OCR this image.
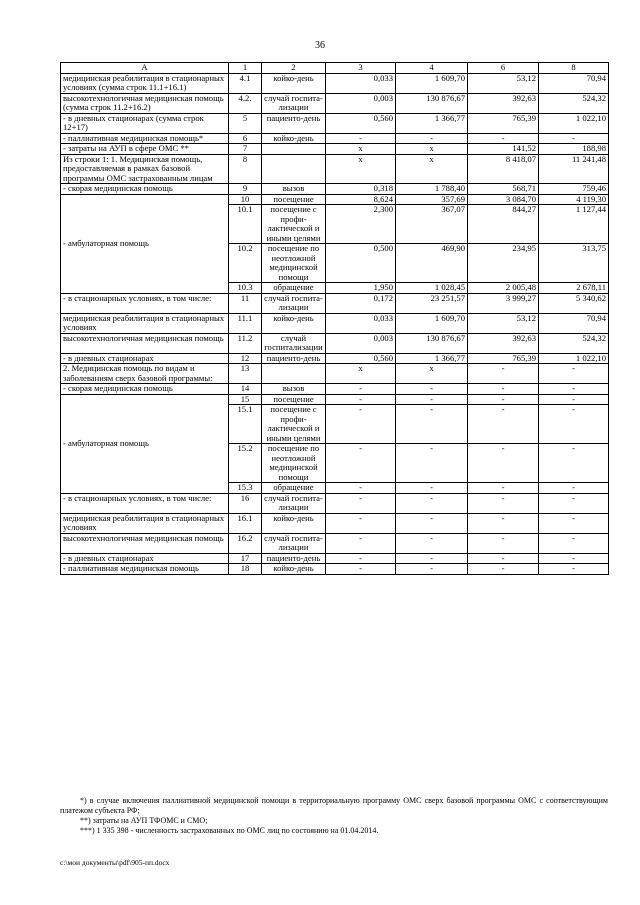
36
А	1	2	3	4	6	8
медицинская реабилитация в стационарных условиях (сумма строк 11.1+16.1)	4.1	койко-день	0,033	1 609,70	53,12	70,94
высокотехнологичная медицинская помощь (сумма строк 11.2+16.2)	4.2.	случай госпита-лизации	0,003	130 876,67	392,63	524,32
- в дневных стационарах (сумма строк 12+17)	5	пациенто-день	0,560	1 366,77	765,39	1 022,10
- паллиативная медицинская помощь*	6	койко-день	-	-	-	-
- затраты на АУП в сфере ОМС **	7		x	x	141,52	188,98
Из строки 1: 1. Медицинская помощь, предоставляемая в рамках базовой программы ОМС застрахованным лицам	8		x	x	8 418,07	11 241,48
- скорая медицинская помощь	9	вызов	0,318	1 788,40	568,71	759,46
- амбулаторная помощь	10	посещение	8,624	357,69	3 084,70	4 119,30
	10.1	посещение с профи-лактической и иными целями	2,300	367,07	844,27	1 127,44
	10.2	посещение по неотложной медицинской помощи	0,500	469,90	234,95	313,75
	10.3	обращение	1,950	1 028,45	2 005,48	2 678,11
- в стационарных условиях, в том числе:	11	случай госпита-лизации	0,172	23 251,57	3 999,27	5 340,62
медицинская реабилитация в стационарных условиях	11.1	койко-день	0,033	1 609,70	53,12	70,94
высокотехнологичная медицинская помощь	11.2	случай госпитализации	0,003	130 876,67	392,63	524,32
- в дневных стационарах	12	пациенто-день	0,560	1 366,77	765,39	1 022,10
2. Медицинская помощь по видам и заболеваниям сверх базовой программы:	13		x	x	-	-
- скорая медицинская помощь	14	вызов	-	-	-	-
- амбулаторная помощь	15	посещение	-	-	-	-
	15.1	посещение с профи-лактической и иными целями	-	-	-	-
	15.2	посещение по неотложной медицинской помощи	-	-	-	-
	15.3	обращение	-	-	-	-
- в стационарных условиях, в том числе:	16	случай госпита-лизации	-	-	-	-
медицинская реабилитация в стационарных условиях	16.1	койко-день	-	-	-	-
высокотехнологичная медицинская помощь	16.2	случай госпита-лизации	-	-	-	-
- в дневных стационарах	17	пациенто-день	-	-	-	-
- паллиативная медицинская помощь	18	койко-день	-	-	-	-
*) в случае включения паллиативной медицинской помощи в территориальную программу ОМС сверх базовой программы ОМС с соответствующим платежом субъекта РФ;
**) затраты на АУП ТФОМС и СМО;
***) 1 335 398 - численность застрахованных по ОМС лиц по состоянию на 01.04.2014.
c:\мои документы\pdf\905-пп.docx
